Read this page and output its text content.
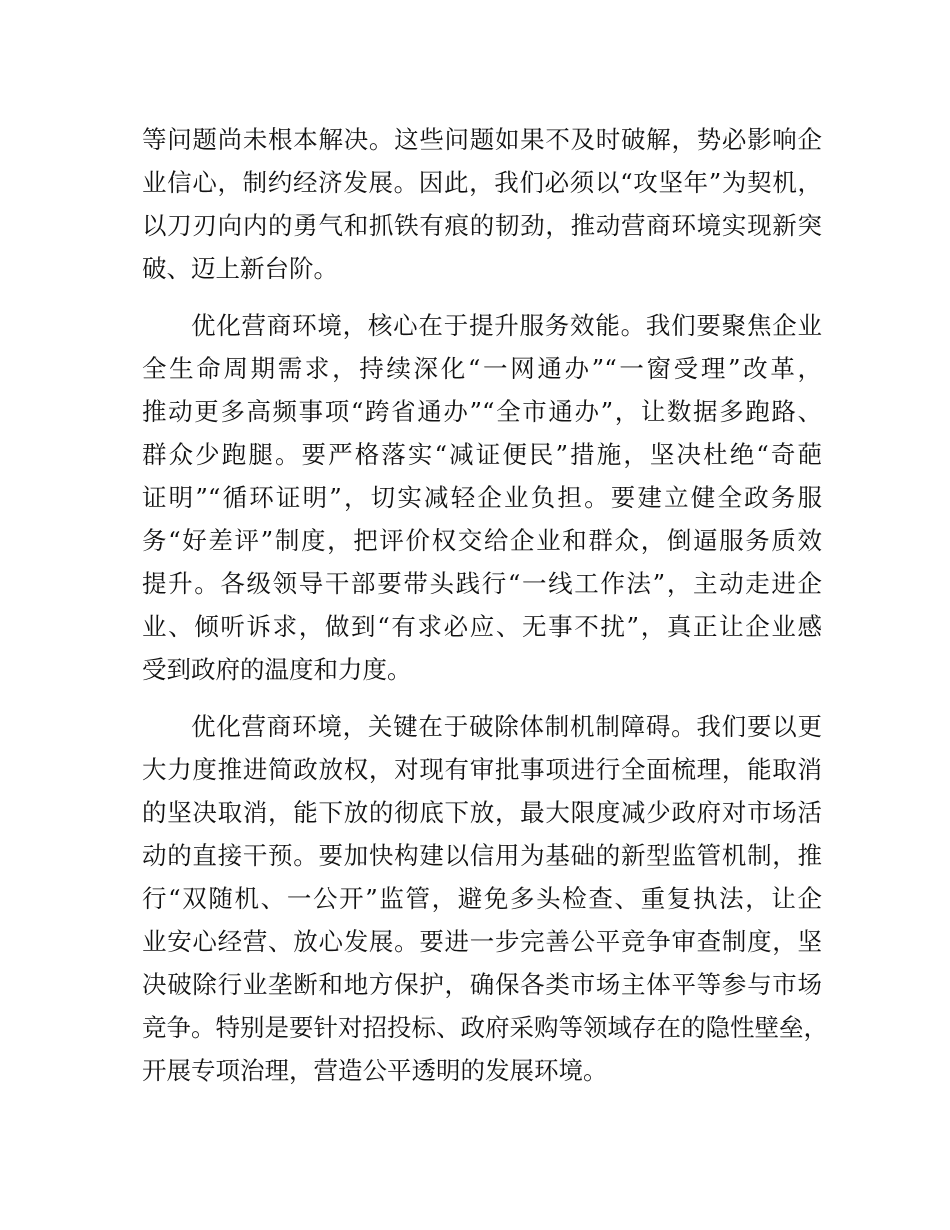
等问题尚未根本解决。这些问题如果不及时破解，势必影响企
业信心，制约经济发展。因此，我们必须以“攻坚年”为契机，
以刀刃向内的勇气和抓铁有痕的韧劲，推动营商环境实现新突
破、迈上新台阶。

优化营商环境，核心在于提升服务效能。我们要聚焦企业
全生命周期需求，持续深化“一网通办”“一窗受理”改革，
推动更多高频事项“跨省通办”“全市通办”，让数据多跑路、
群众少跑腿。要严格落实“减证便民”措施，坚决杜绝“奇葩
证明”“循环证明”，切实减轻企业负担。要建立健全政务服
务“好差评”制度，把评价权交给企业和群众，倒逼服务质效
提升。各级领导干部要带头践行“一线工作法”，主动走进企
业、倾听诉求，做到“有求必应、无事不扰”，真正让企业感
受到政府的温度和力度。

优化营商环境，关键在于破除体制机制障碍。我们要以更
大力度推进简政放权，对现有审批事项进行全面梳理，能取消
的坚决取消，能下放的彻底下放，最大限度减少政府对市场活
动的直接干预。要加快构建以信用为基础的新型监管机制，推
行“双随机、一公开”监管，避免多头检查、重复执法，让企
业安心经营、放心发展。要进一步完善公平竞争审查制度，坚
决破除行业垄断和地方保护，确保各类市场主体平等参与市场
竞争。特别是要针对招投标、政府采购等领域存在的隐性壁垒，
开展专项治理，营造公平透明的发展环境。
